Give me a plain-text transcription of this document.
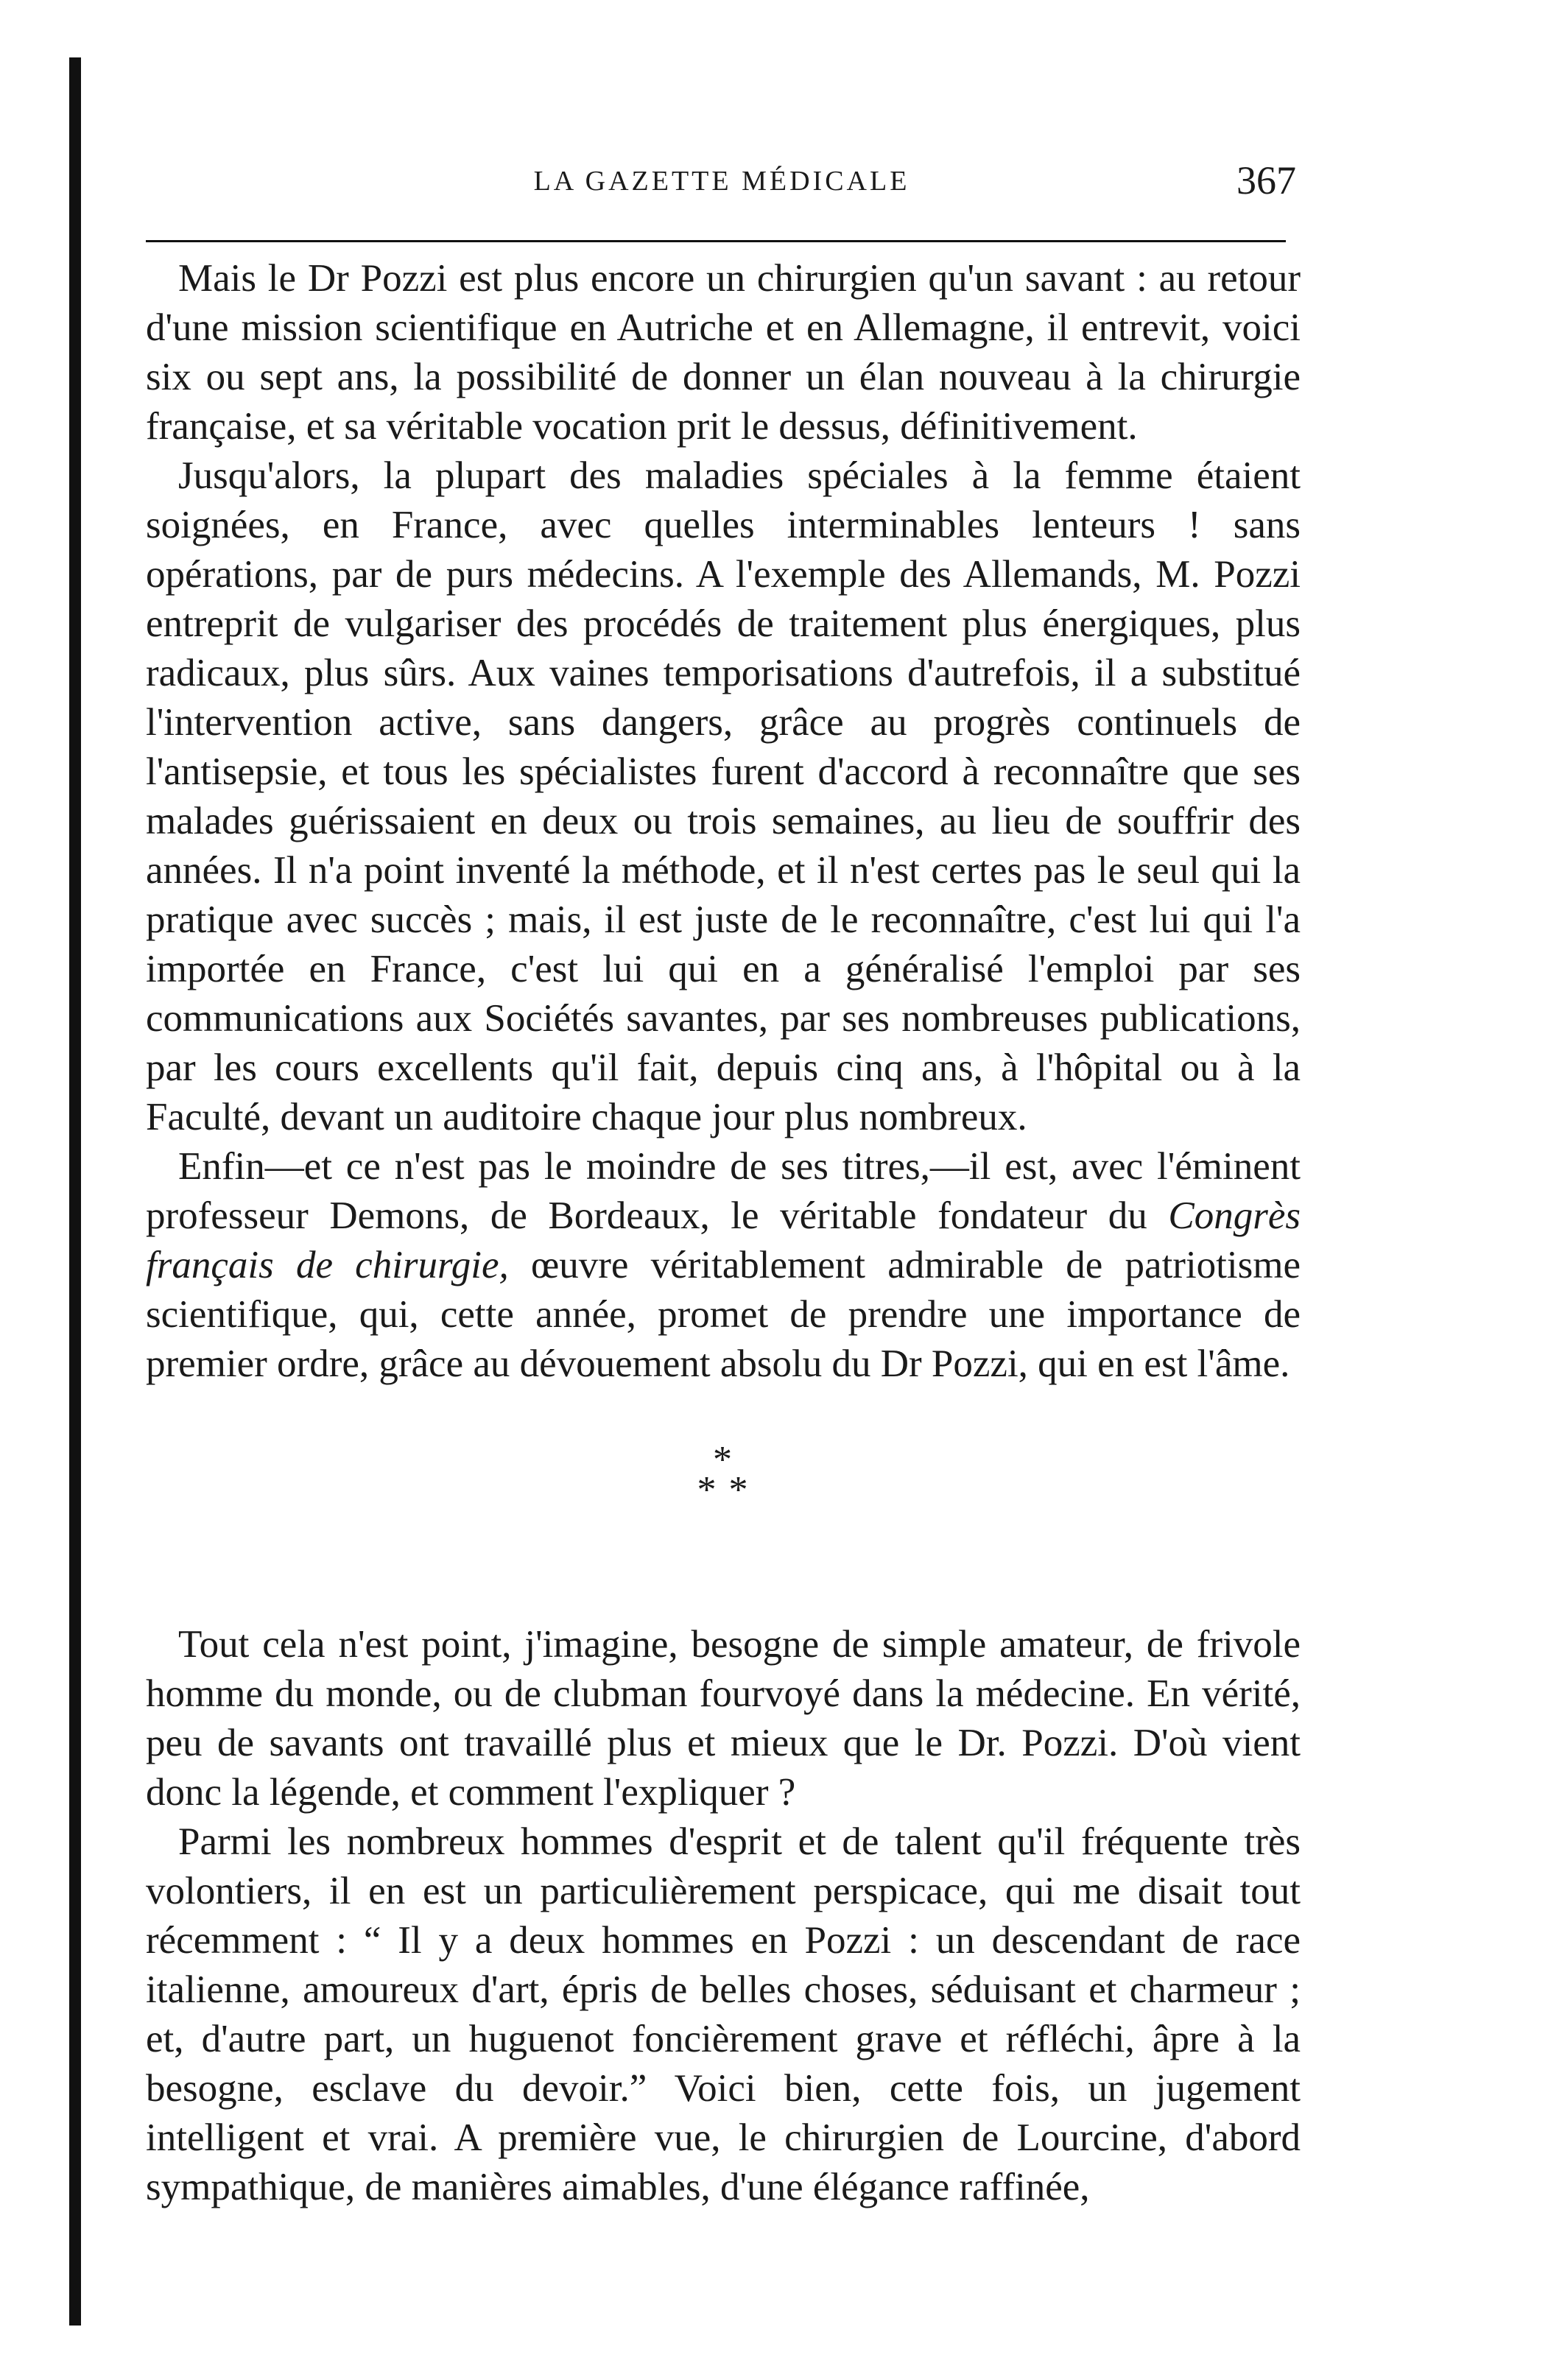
LA GAZETTE MÉDICALE	367

Mais le Dr Pozzi est plus encore un chirurgien qu'un savant : au retour d'une mission scientifique en Autriche et en Allemagne, il entrevit, voici six ou sept ans, la possibilité de donner un élan nouveau à la chirurgie française, et sa véritable vocation prit le dessus, définitivement.

Jusqu'alors, la plupart des maladies spéciales à la femme étaient soignées, en France, avec quelles interminables lenteurs ! sans opérations, par de purs médecins. A l'exemple des Allemands, M. Pozzi entreprit de vulgariser des procédés de traitement plus énergiques, plus radicaux, plus sûrs. Aux vaines temporisations d'autrefois, il a substitué l'intervention active, sans dangers, grâce au progrès continuels de l'antisepsie, et tous les spécialistes furent d'accord à reconnaître que ses malades guérissaient en deux ou trois semaines, au lieu de souffrir des années. Il n'a point inventé la méthode, et il n'est certes pas le seul qui la pratique avec succès ; mais, il est juste de le reconnaître, c'est lui qui l'a importée en France, c'est lui qui en a généralisé l'emploi par ses communications aux Sociétés savantes, par ses nombreuses publications, par les cours excellents qu'il fait, depuis cinq ans, à l'hôpital ou à la Faculté, devant un auditoire chaque jour plus nombreux.

Enfin—et ce n'est pas le moindre de ses titres,—il est, avec l'éminent professeur Demons, de Bordeaux, le véritable fondateur du Congrès français de chirurgie, œuvre véritablement admirable de patriotisme scientifique, qui, cette année, promet de prendre une importance de premier ordre, grâce au dévouement absolu du Dr Pozzi, qui en est l'âme.

*
* *

Tout cela n'est point, j'imagine, besogne de simple amateur, de frivole homme du monde, ou de clubman fourvoyé dans la médecine. En vérité, peu de savants ont travaillé plus et mieux que le Dr. Pozzi. D'où vient donc la légende, et comment l'expliquer ?

Parmi les nombreux hommes d'esprit et de talent qu'il fréquente très volontiers, il en est un particulièrement perspicace, qui me disait tout récemment : “ Il y a deux hommes en Pozzi : un descendant de race italienne, amoureux d'art, épris de belles choses, séduisant et charmeur ; et, d'autre part, un huguenot foncièrement grave et réfléchi, âpre à la besogne, esclave du devoir.” Voici bien, cette fois, un jugement intelligent et vrai. A première vue, le chirurgien de Lourcine, d'abord sympathique, de manières aimables, d'une élégance raffinée,
